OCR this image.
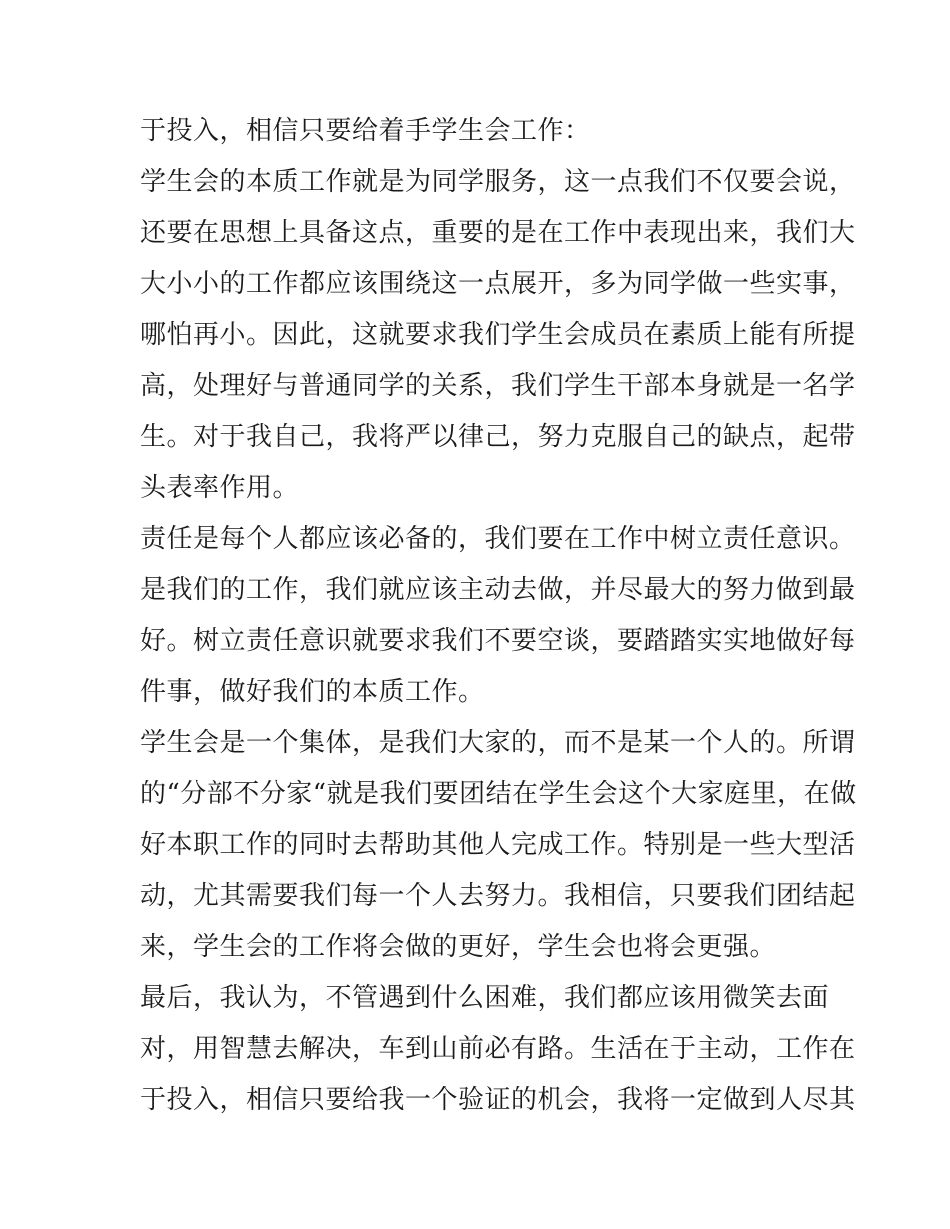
于投入，相信只要给着手学生会工作：
学生会的本质工作就是为同学服务，这一点我们不仅要会说，
还要在思想上具备这点，重要的是在工作中表现出来，我们大
大小小的工作都应该围绕这一点展开，多为同学做一些实事，
哪怕再小。因此，这就要求我们学生会成员在素质上能有所提
高，处理好与普通同学的关系，我们学生干部本身就是一名学
生。对于我自己，我将严以律己，努力克服自己的缺点，起带
头表率作用。
责任是每个人都应该必备的，我们要在工作中树立责任意识。
是我们的工作，我们就应该主动去做，并尽最大的努力做到最
好。树立责任意识就要求我们不要空谈，要踏踏实实地做好每
件事，做好我们的本质工作。
学生会是一个集体，是我们大家的，而不是某一个人的。所谓
的“分部不分家“就是我们要团结在学生会这个大家庭里，在做
好本职工作的同时去帮助其他人完成工作。特别是一些大型活
动，尤其需要我们每一个人去努力。我相信，只要我们团结起
来，学生会的工作将会做的更好，学生会也将会更强。
最后，我认为，不管遇到什么困难，我们都应该用微笑去面
对，用智慧去解决，车到山前必有路。生活在于主动，工作在
于投入，相信只要给我一个验证的机会，我将一定做到人尽其
